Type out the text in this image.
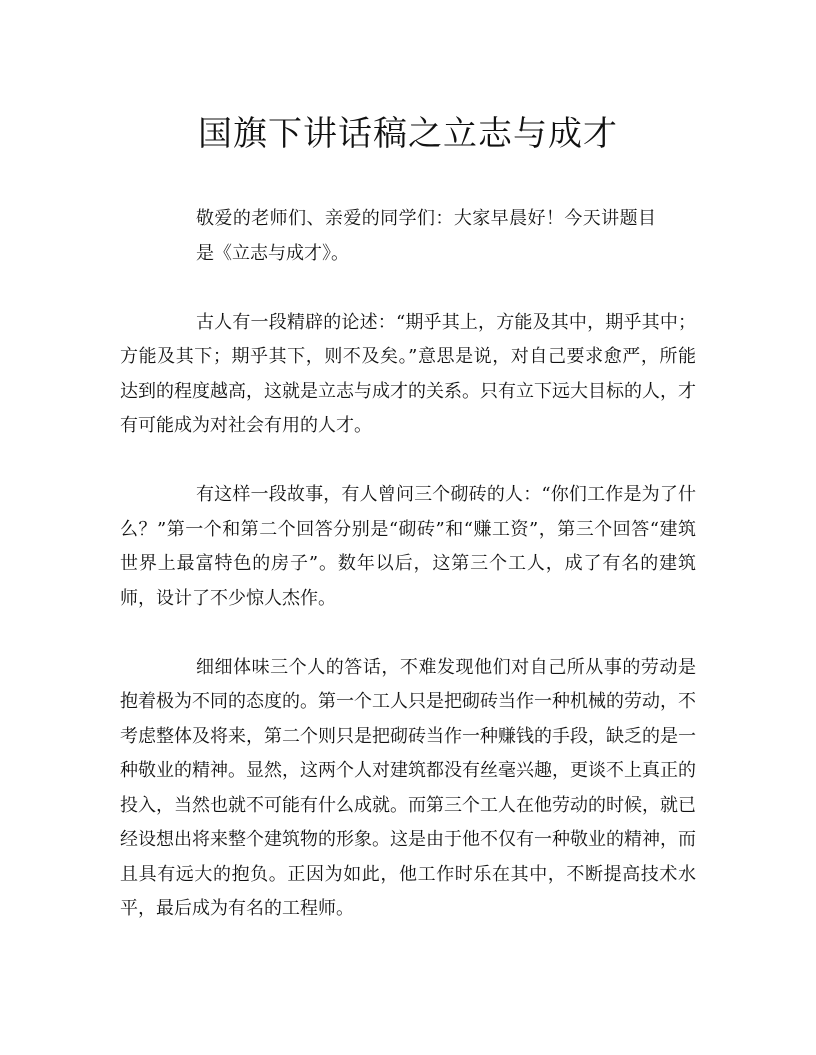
国旗下讲话稿之立志与成才

敬爱的老师们、亲爱的同学们：大家早晨好！今天讲题目是《立志与成才》。

古人有一段精辟的论述：“期乎其上，方能及其中，期乎其中；方能及其下；期乎其下，则不及矣。”意思是说，对自己要求愈严，所能达到的程度越高，这就是立志与成才的关系。只有立下远大目标的人，才有可能成为对社会有用的人才。

有这样一段故事，有人曾问三个砌砖的人：“你们工作是为了什么？”第一个和第二个回答分别是“砌砖”和“赚工资”，第三个回答“建筑世界上最富特色的房子”。数年以后，这第三个工人，成了有名的建筑师，设计了不少惊人杰作。

细细体味三个人的答话，不难发现他们对自己所从事的劳动是抱着极为不同的态度的。第一个工人只是把砌砖当作一种机械的劳动，不考虑整体及将来，第二个则只是把砌砖当作一种赚钱的手段，缺乏的是一种敬业的精神。显然，这两个人对建筑都没有丝毫兴趣，更谈不上真正的投入，当然也就不可能有什么成就。而第三个工人在他劳动的时候，就已经设想出将来整个建筑物的形象。这是由于他不仅有一种敬业的精神，而且具有远大的抱负。正因为如此，他工作时乐在其中，不断提高技术水平，最后成为有名的工程师。
